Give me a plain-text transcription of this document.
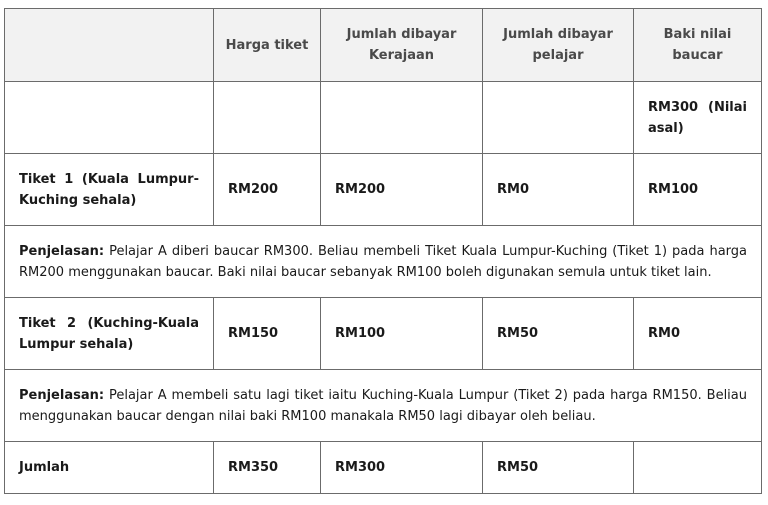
	Harga tiket	Jumlah dibayar Kerajaan	Jumlah dibayar pelajar	Baki nilai baucar
				RM300 (Nilai asal)
Tiket 1 (Kuala Lumpur-Kuching sehala)	RM200	RM200	RM0	RM100
Penjelasan: Pelajar A diberi baucar RM300. Beliau membeli Tiket Kuala Lumpur-Kuching (Tiket 1) pada harga RM200 menggunakan baucar. Baki nilai baucar sebanyak RM100 boleh digunakan semula untuk tiket lain.				
Tiket 2 (Kuching-Kuala Lumpur sehala)	RM150	RM100	RM50	RM0
Penjelasan: Pelajar A membeli satu lagi tiket iaitu Kuching-Kuala Lumpur (Tiket 2) pada harga RM150. Beliau menggunakan baucar dengan nilai baki RM100 manakala RM50 lagi dibayar oleh beliau.				
Jumlah	RM350	RM300	RM50	
